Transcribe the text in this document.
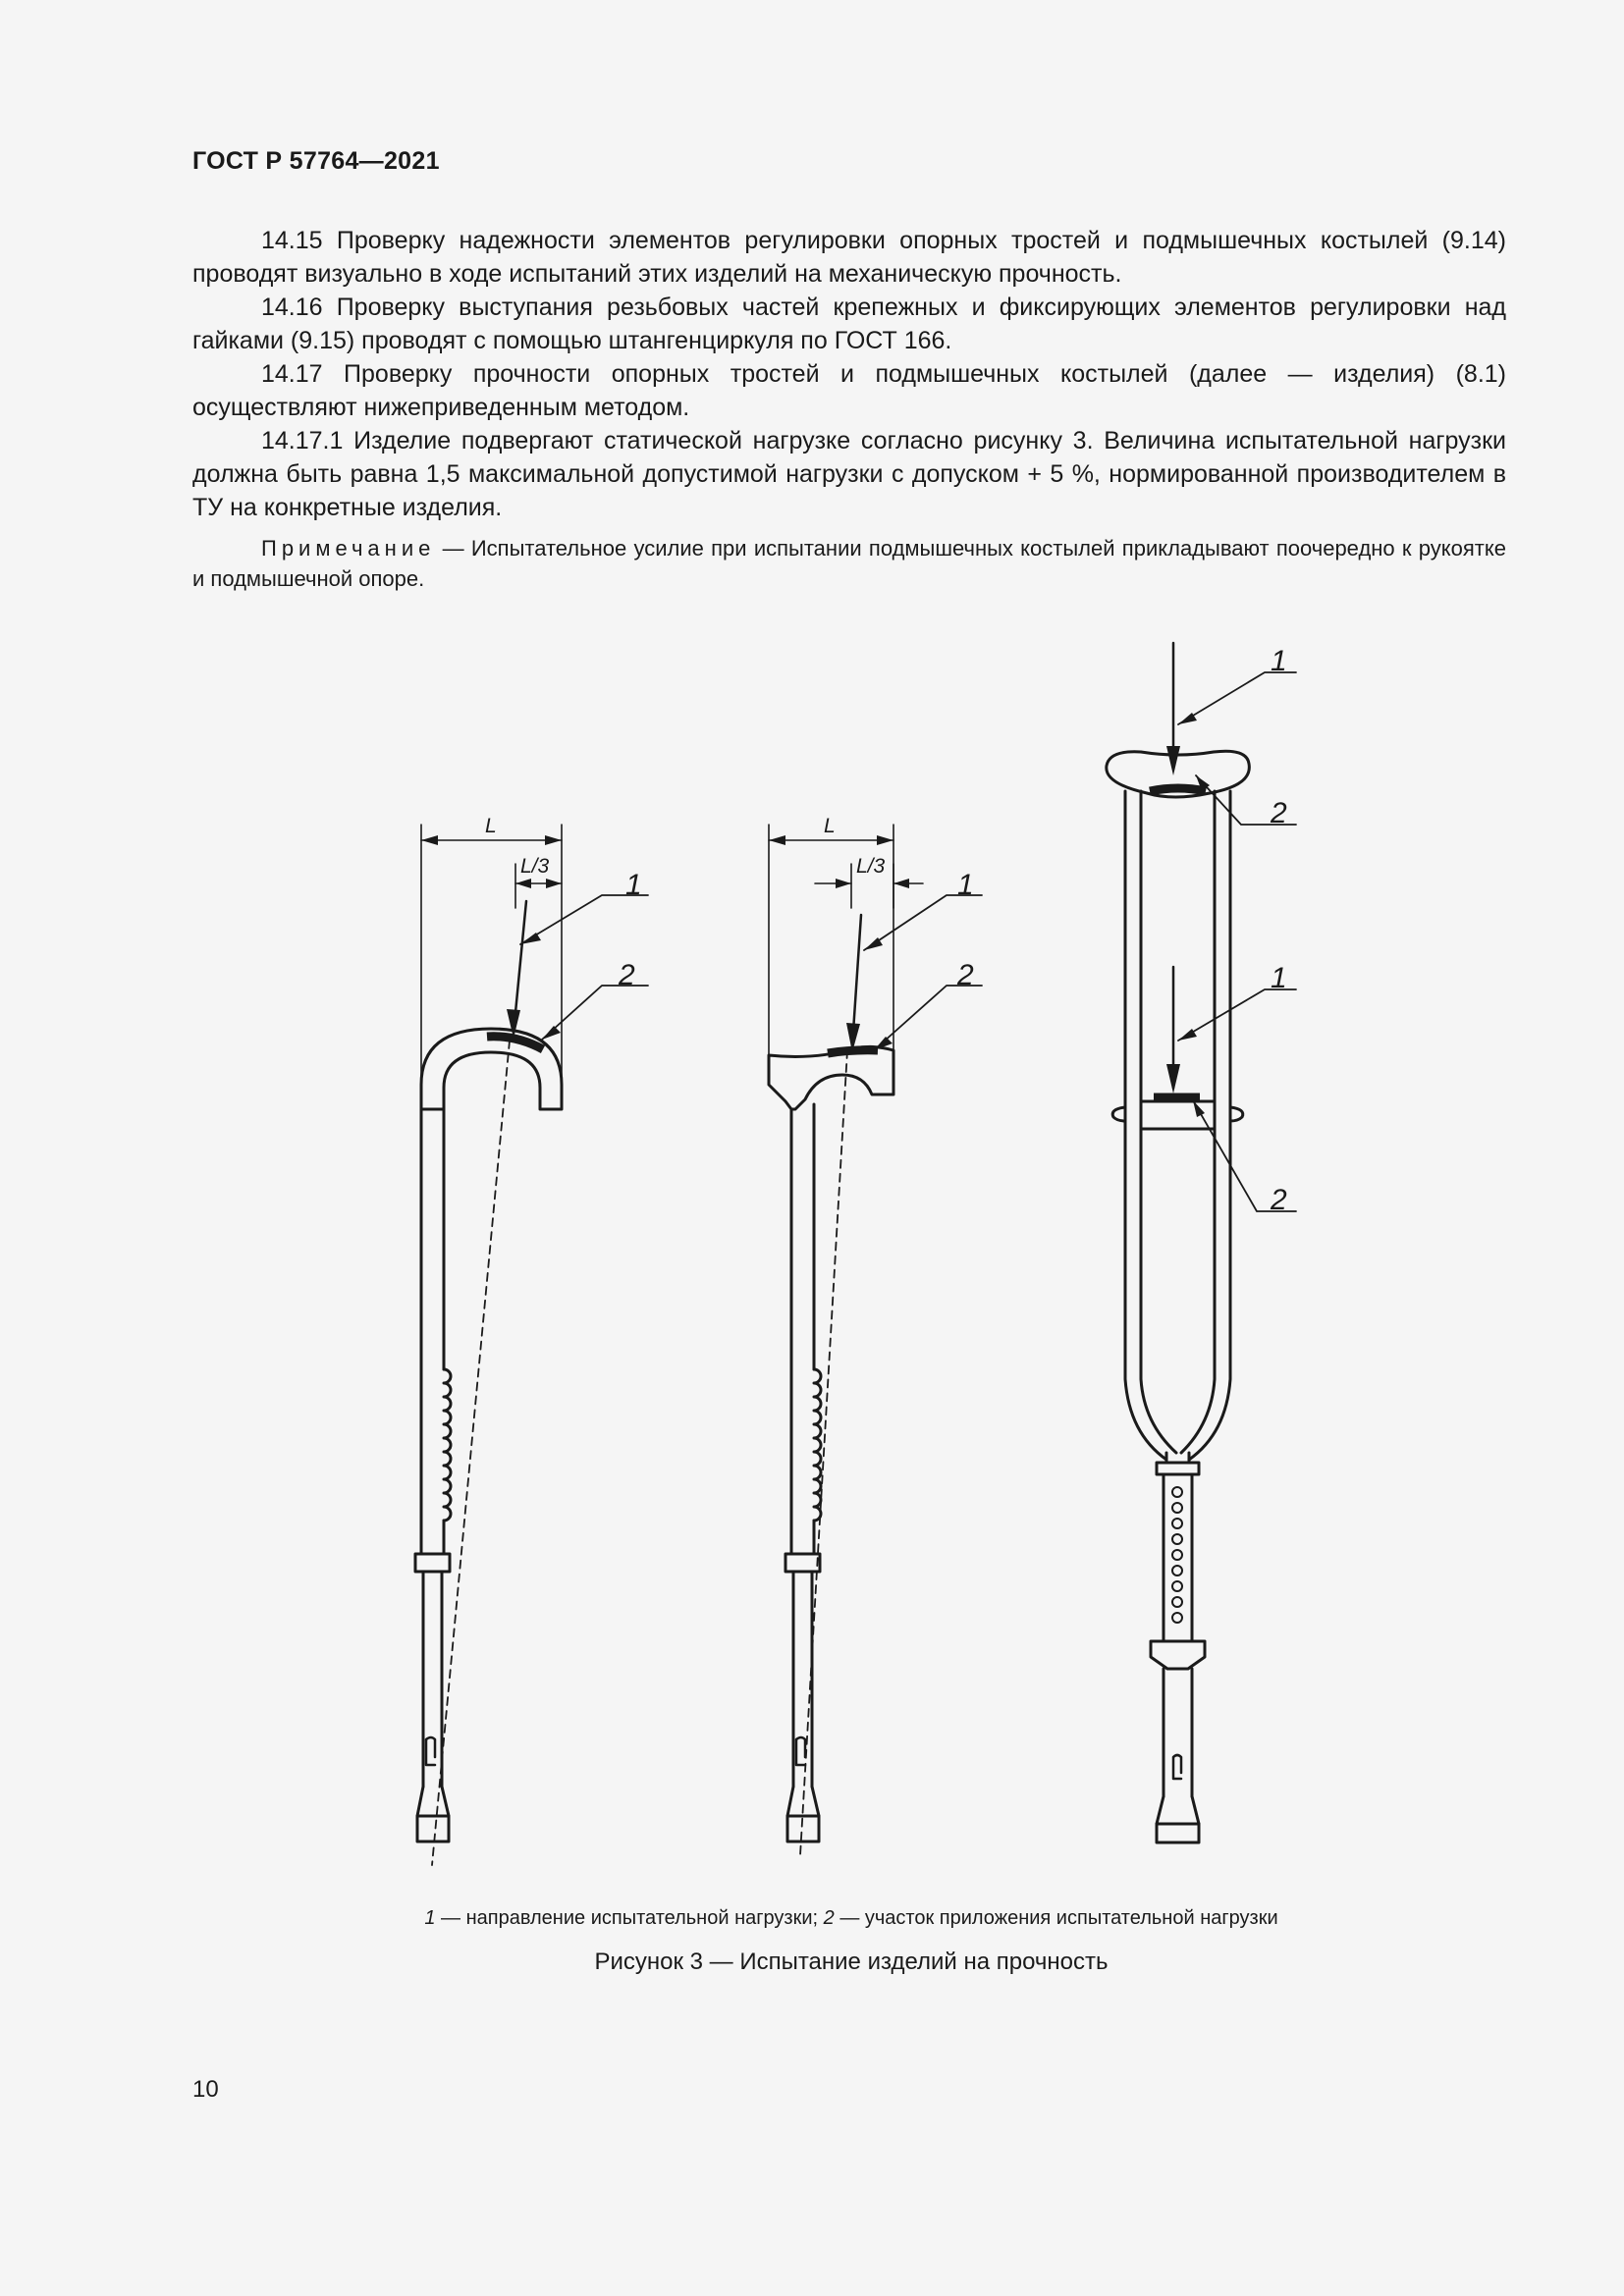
ГОСТ Р 57764—2021

14.15 Проверку надежности элементов регулировки опорных тростей и подмышечных костылей (9.14) проводят визуально в ходе испытаний этих изделий на механическую прочность.

14.16 Проверку выступания резьбовых частей крепежных и фиксирующих элементов регулировки над гайками (9.15) проводят с помощью штангенциркуля по ГОСТ 166.

14.17 Проверку прочности опорных тростей и подмышечных костылей (далее — изделия) (8.1) осуществляют нижеприведенным методом.

14.17.1 Изделие подвергают статической нагрузке согласно рисунку 3. Величина испытательной нагрузки должна быть равна 1,5 максимальной допустимой нагрузки с допуском + 5 %, нормированной производителем в ТУ на конкретные изделия.

Примечание — Испытательное усилие при испытании подмышечных костылей прикладывают поочередно к рукоятке и подмышечной опоре.
1
2
1
2
1
2
1
2
L
L/3
L
L/3
1 — направление испытательной нагрузки; 2 — участок приложения испытательной нагрузки
Рисунок 3 — Испытание изделий на прочность
10
